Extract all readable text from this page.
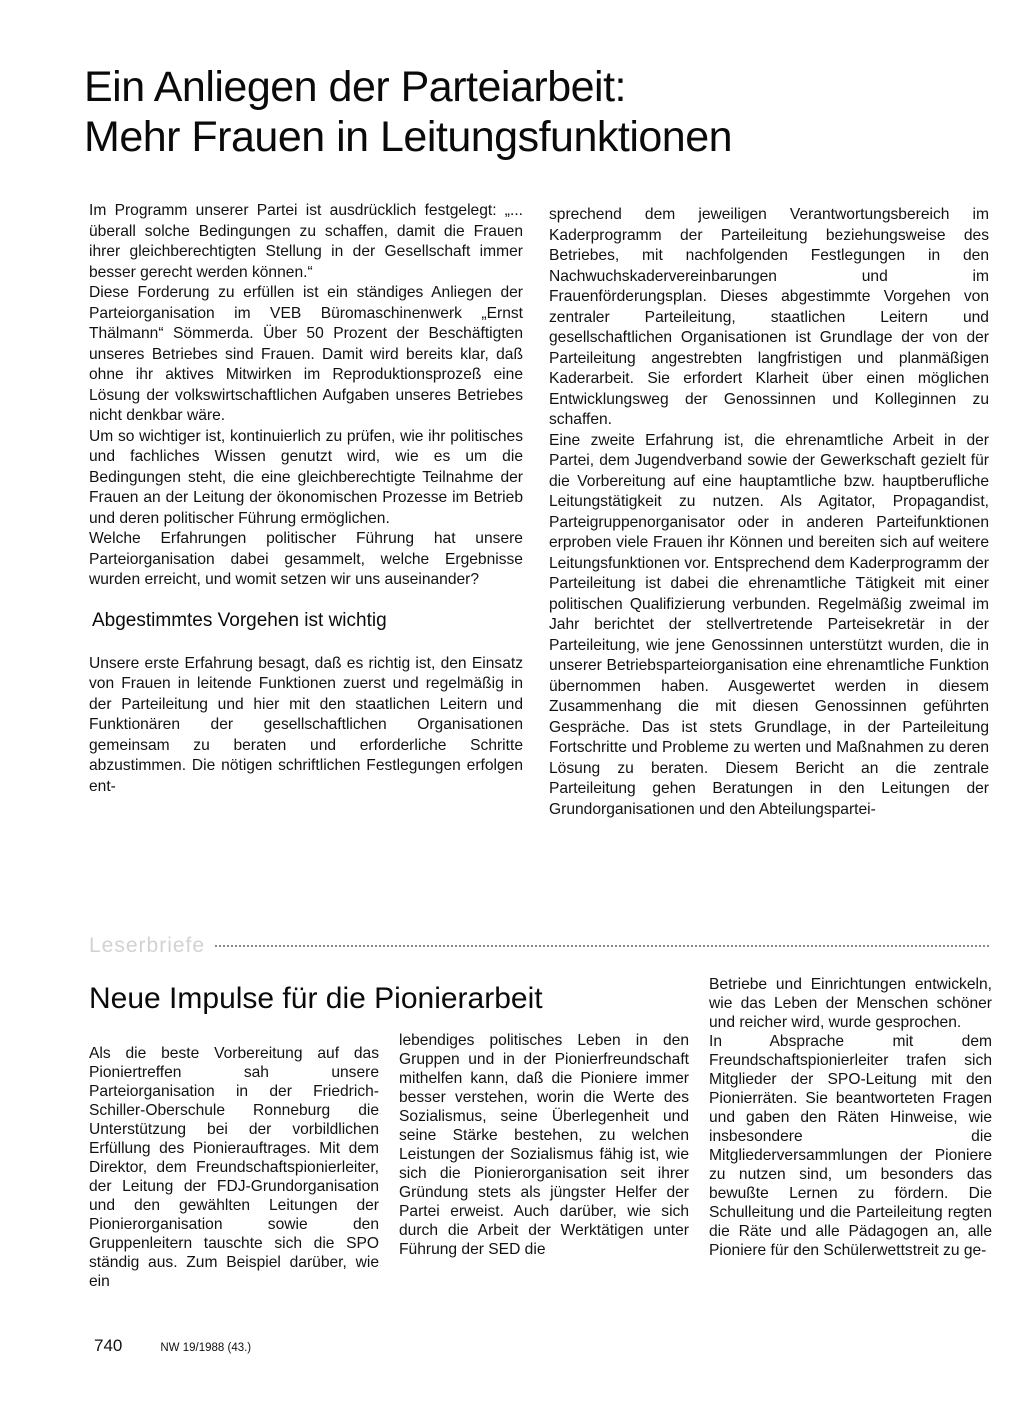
Ein Anliegen der Parteiarbeit:
Mehr Frauen in Leitungsfunktionen

Im Programm unserer Partei ist ausdrücklich festgelegt: „... überall solche Bedingungen zu schaffen, damit die Frauen ihrer gleichberechtigten Stellung in der Gesellschaft immer besser gerecht werden können.“

Diese Forderung zu erfüllen ist ein ständiges Anliegen der Parteiorganisation im VEB Büromaschinenwerk „Ernst Thälmann“ Sömmerda. Über 50 Prozent der Beschäftigten unseres Betriebes sind Frauen. Damit wird bereits klar, daß ohne ihr aktives Mitwirken im Reproduktionsprozeß eine Lösung der volkswirtschaftlichen Aufgaben unseres Betriebes nicht denkbar wäre.

Um so wichtiger ist, kontinuierlich zu prüfen, wie ihr politisches und fachliches Wissen genutzt wird, wie es um die Bedingungen steht, die eine gleichberechtigte Teilnahme der Frauen an der Leitung der ökonomischen Prozesse im Betrieb und deren politischer Führung ermöglichen.

Welche Erfahrungen politischer Führung hat unsere Parteiorganisation dabei gesammelt, welche Ergebnisse wurden erreicht, und womit setzen wir uns auseinander?

Abgestimmtes Vorgehen ist wichtig

Unsere erste Erfahrung besagt, daß es richtig ist, den Einsatz von Frauen in leitende Funktionen zuerst und regelmäßig in der Parteileitung und hier mit den staatlichen Leitern und Funktionären der gesellschaftlichen Organisationen gemeinsam zu beraten und erforderliche Schritte abzustimmen. Die nötigen schriftlichen Festlegungen erfolgen ent-

sprechend dem jeweiligen Verantwortungsbereich im Kaderprogramm der Parteileitung beziehungsweise des Betriebes, mit nachfolgenden Festlegungen in den Nachwuchskadervereinbarungen und im Frauenförderungsplan. Dieses abgestimmte Vorgehen von zentraler Parteileitung, staatlichen Leitern und gesellschaftlichen Organisationen ist Grundlage der von der Parteileitung angestrebten langfristigen und planmäßigen Kaderarbeit. Sie erfordert Klarheit über einen möglichen Entwicklungsweg der Genossinnen und Kolleginnen zu schaffen.

Eine zweite Erfahrung ist, die ehrenamtliche Arbeit in der Partei, dem Jugendverband sowie der Gewerkschaft gezielt für die Vorbereitung auf eine hauptamtliche bzw. hauptberufliche Leitungstätigkeit zu nutzen. Als Agitator, Propagandist, Parteigruppenorganisator oder in anderen Parteifunktionen erproben viele Frauen ihr Können und bereiten sich auf weitere Leitungsfunktionen vor. Entsprechend dem Kaderprogramm der Parteileitung ist dabei die ehrenamtliche Tätigkeit mit einer politischen Qualifizierung verbunden. Regelmäßig zweimal im Jahr berichtet der stellvertretende Parteisekretär in der Parteileitung, wie jene Genossinnen unterstützt wurden, die in unserer Betriebsparteiorganisation eine ehrenamtliche Funktion übernommen haben. Ausgewertet werden in diesem Zusammenhang die mit diesen Genossinnen geführten Gespräche. Das ist stets Grundlage, in der Parteileitung Fortschritte und Probleme zu werten und Maßnahmen zu deren Lösung zu beraten. Diesem Bericht an die zentrale Parteileitung gehen Beratungen in den Leitungen der Grundorganisationen und den Abteilungspartei-

Leserbriefe
Neue Impulse für die Pionierarbeit

Als die beste Vorbereitung auf das Pioniertreffen sah unsere Parteiorganisation in der Friedrich-Schiller-Oberschule Ronneburg die Unterstützung bei der vorbildlichen Erfüllung des Pionierauftrages. Mit dem Direktor, dem Freundschaftspionierleiter, der Leitung der FDJ-Grundorganisation und den gewählten Leitungen der Pionierorganisation sowie den Gruppenleitern tauschte sich die SPO ständig aus. Zum Beispiel darüber, wie ein

lebendiges politisches Leben in den Gruppen und in der Pionierfreundschaft mithelfen kann, daß die Pioniere immer besser verstehen, worin die Werte des Sozialismus, seine Überlegenheit und seine Stärke bestehen, zu welchen Leistungen der Sozialismus fähig ist, wie sich die Pionierorganisation seit ihrer Gründung stets als jüngster Helfer der Partei erweist. Auch darüber, wie sich durch die Arbeit der Werktätigen unter Führung der SED die

Betriebe und Einrichtungen entwickeln, wie das Leben der Menschen schöner und reicher wird, wurde gesprochen.

In Absprache mit dem Freundschaftspionierleiter trafen sich Mitglieder der SPO-Leitung mit den Pionierräten. Sie beantworteten Fragen und gaben den Räten Hinweise, wie insbesondere die Mitgliederversammlungen der Pioniere zu nutzen sind, um besonders das bewußte Lernen zu fördern. Die Schulleitung und die Parteileitung regten die Räte und alle Pädagogen an, alle Pioniere für den Schülerwettstreit zu ge-

740	NW 19/1988 (43.)
